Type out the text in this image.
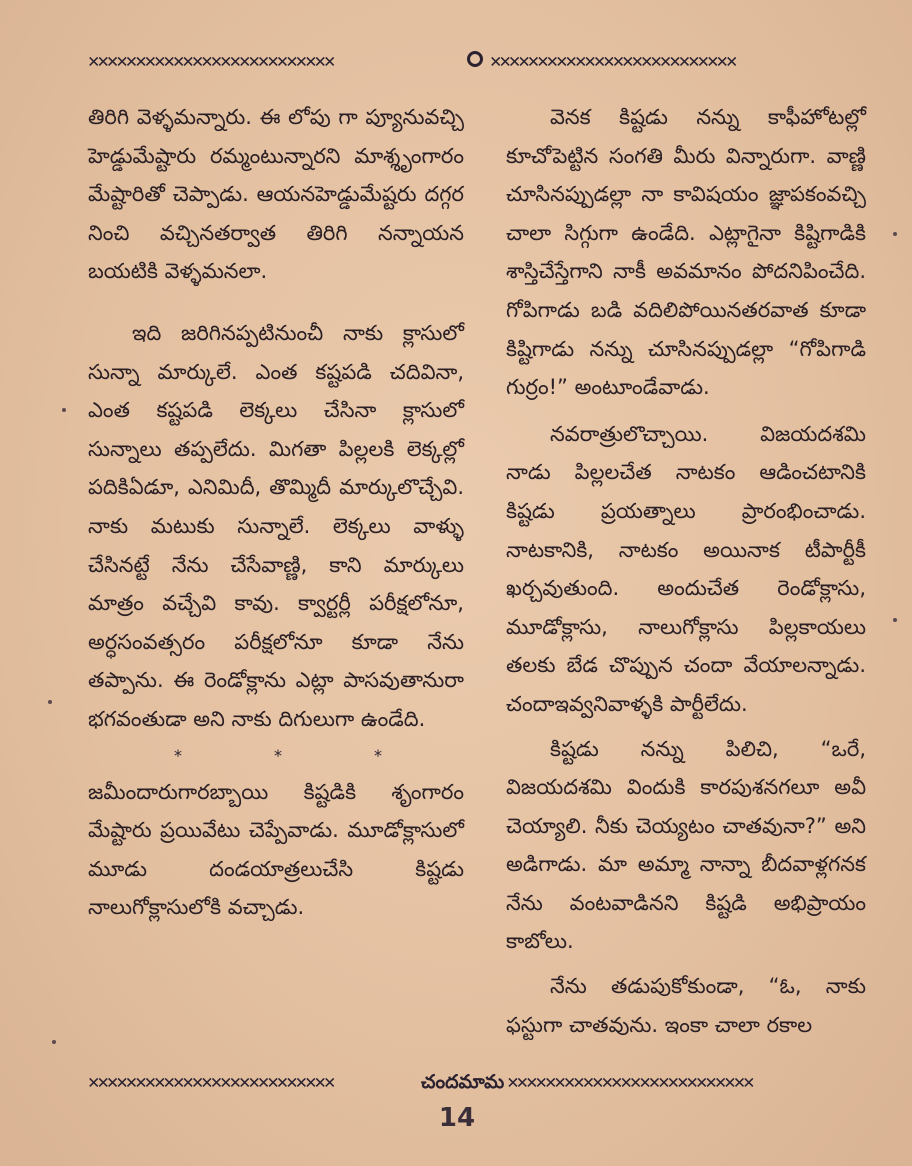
✕✕✕✕✕✕✕✕✕✕✕✕✕✕✕✕✕✕✕✕✕✕✕✕✕✕	✕✕✕✕✕✕✕✕✕✕✕✕✕✕✕✕✕✕✕✕✕✕✕✕✕✕

తిరిగి వెళ్ళమన్నారు. ఈ లోపు గా ప్యూనువచ్చి హెడ్డుమేష్టారు రమ్మంటున్నారని మాశ్శృంగారం మేష్టారితో చెప్పాడు. ఆయనహెడ్డుమేష్టరు దగ్గర నించి వచ్చినతర్వాత తిరిగి నన్నాయన బయటికి వెళ్ళమనలా.

ఇది జరిగినప్పటినుంచీ నాకు క్లాసులో సున్నా మార్కులే. ఎంత కష్టపడి చదివినా, ఎంత కష్టపడి లెక్కలు చేసినా క్లాసులో సున్నాలు తప్పలేదు. మిగతా పిల్లలకి లెక్కల్లో పదికిఏడూ, ఎనిమిదీ, తొమ్మిదీ మార్కులొచ్చేవి. నాకు మటుకు సున్నాలే. లెక్కలు వాళ్ళు చేసినట్టే నేను చేసేవాణ్ణి, కాని మార్కులు మాత్రం వచ్చేవి కావు. క్వార్టర్లీ పరీక్షలోనూ, అర్ధసంవత్సరం పరీక్షలోనూ కూడా నేను తప్పాను. ఈ రెండోక్లాను ఎట్లా పాసవుతానురా భగవంతుడా అని నాకు దిగులుగా ఉండేది.

*	*	*

జమీందారుగారబ్బాయి కిష్టడికి శృంగారం మేష్టారు ప్రయివేటు చెప్పేవాడు. మూడోక్లాసులో మూడు దండయాత్రలుచేసి కిష్టడు నాలుగోక్లాసులోకి వచ్చాడు.

వెనక కిష్టడు నన్ను కాఫీహోటల్లో కూచోపెట్టిన సంగతి మీరు విన్నారుగా. వాణ్ణి చూసినప్పుడల్లా నా కావిషయం జ్ఞాపకంవచ్చి చాలా సిగ్గుగా ఉండేది. ఎట్లాగైనా కిష్టిగాడికి శాస్తిచేస్తేగాని నాకీ అవమానం పోదనిపించేది. గోపిగాడు బడి వదిలిపోయినతరవాత కూడా కిష్టిగాడు నన్ను చూసినప్పుడల్లా “గోపిగాడి గుర్రం!” అంటూండేవాడు.

నవరాత్రులొచ్చాయి. విజయదశమి నాడు పిల్లలచేత నాటకం ఆడించటానికి కిష్టడు ప్రయత్నాలు ప్రారంభించాడు. నాటకానికి, నాటకం అయినాక టీపార్టీకీ ఖర్చవుతుంది. అందుచేత రెండోక్లాసు, మూడోక్లాసు, నాలుగోక్లాసు పిల్లకాయలు తలకు బేడ చొప్పున చందా వేయాలన్నాడు. చందాఇవ్వనివాళ్ళకి పార్టీలేదు.

కిష్టడు నన్ను పిలిచి, “ఒరే, విజయదశమి విందుకి కారపుశనగలూ అవీ చెయ్యాలి. నీకు చెయ్యటం చాతవునా?” అని అడిగాడు. మా అమ్మా నాన్నా బీదవాళ్లగనక నేను వంటవాడినని కిష్టడి అభిప్రాయం కాబోలు.

నేను తడుపుకోకుండా, “ఓ, నాకు ఫస్టుగా చాతవును. ఇంకా చాలా రకాల

✕✕✕✕✕✕✕✕✕✕✕✕✕✕✕✕✕✕✕✕✕✕✕✕✕✕	చందమామ ✕✕✕✕✕✕✕✕✕✕✕✕✕✕✕✕✕✕✕✕✕✕✕✕✕✕
14
